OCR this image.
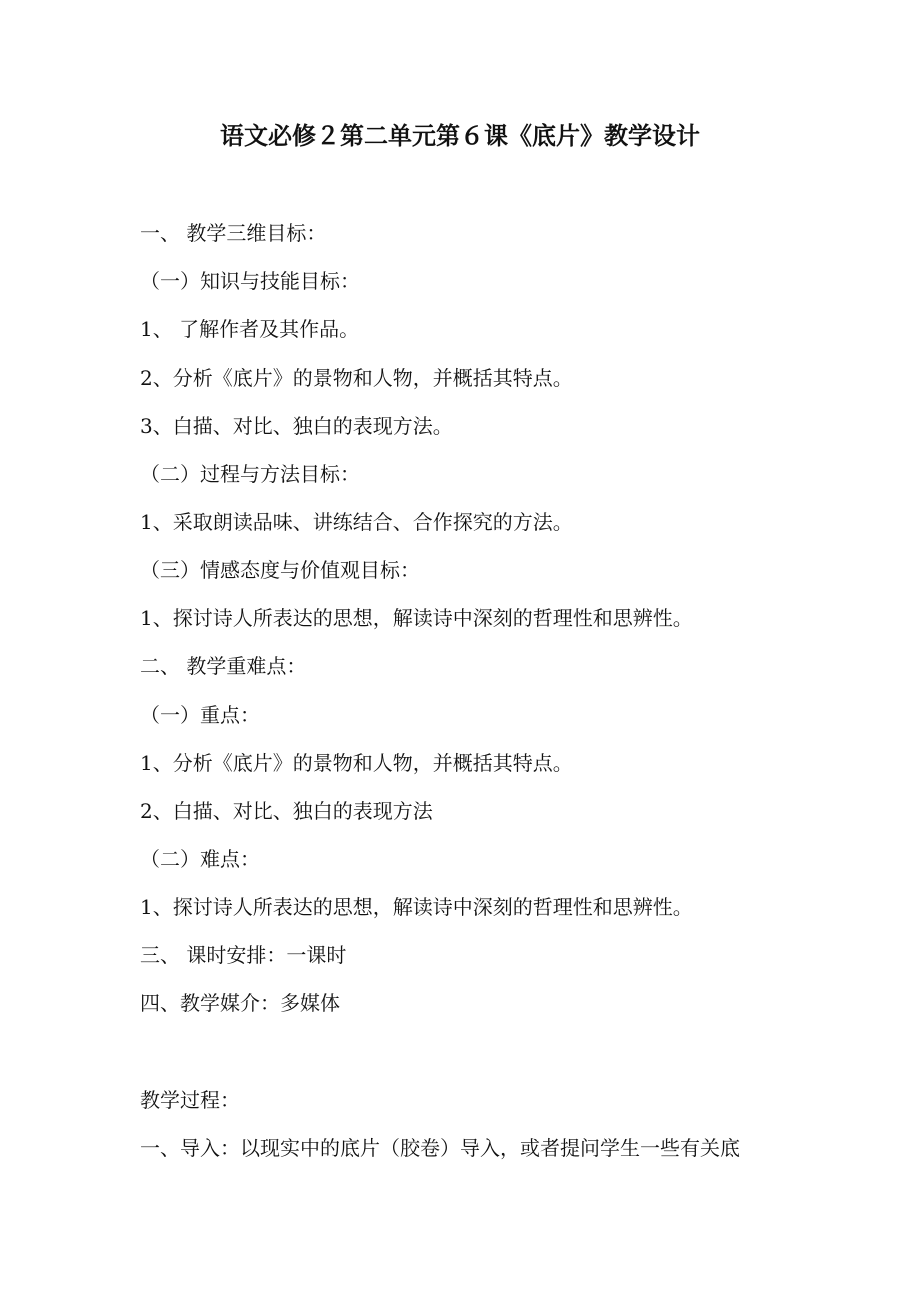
语文必修２第二单元第６课《底片》教学设计
一、 教学三维目标：
（一）知识与技能目标：
1、 了解作者及其作品。
2、分析《底片》的景物和人物，并概括其特点。
3、白描、对比、独白的表现方法。
（二）过程与方法目标：
1、采取朗读品味、讲练结合、合作探究的方法。
（三）情感态度与价值观目标：
1、探讨诗人所表达的思想，解读诗中深刻的哲理性和思辨性。
二、 教学重难点：
（一）重点：
1、分析《底片》的景物和人物，并概括其特点。
2、白描、对比、独白的表现方法
（二）难点：
1、探讨诗人所表达的思想，解读诗中深刻的哲理性和思辨性。
三、 课时安排：一课时
四、教学媒介：多媒体
教学过程：
一、导入：以现实中的底片（胶卷）导入，或者提问学生一些有关底
